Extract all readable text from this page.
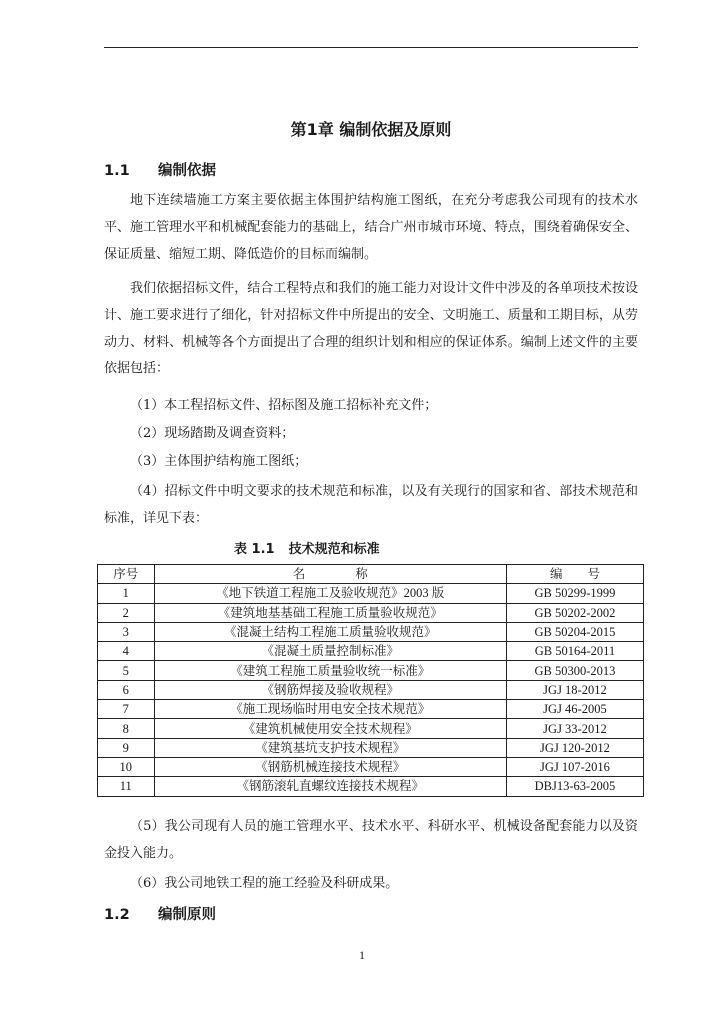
第1章 编制依据及原则
1.1 编制依据

地下连续墙施工方案主要依据主体围护结构施工图纸，在充分考虑我公司现有的技术水平、施工管理水平和机械配套能力的基础上，结合广州市城市环境、特点，围绕着确保安全、保证质量、缩短工期、降低造价的目标而编制。

我们依据招标文件，结合工程特点和我们的施工能力对设计文件中涉及的各单项技术按设计、施工要求进行了细化，针对招标文件中所提出的安全、文明施工、质量和工期目标，从劳动力、材料、机械等各个方面提出了合理的组织计划和相应的保证体系。编制上述文件的主要依据包括：

（1）本工程招标文件、招标图及施工招标补充文件；

（2）现场踏勘及调查资料；

（3）主体围护结构施工图纸；

（4）招标文件中明文要求的技术规范和标准，以及有关现行的国家和省、部技术规范和标准，详见下表：

表 1.1 技术规范和标准
序号	名　　　　称	编　　号
1	《地下铁道工程施工及验收规范》2003 版	GB 50299-1999
2	《建筑地基基础工程施工质量验收规范》	GB 50202-2002
3	《混凝土结构工程施工质量验收规范》	GB 50204-2015
4	《混凝土质量控制标准》	GB 50164-2011
5	《建筑工程施工质量验收统一标准》	GB 50300-2013
6	《钢筋焊接及验收规程》	JGJ 18-2012
7	《施工现场临时用电安全技术规范》	JGJ 46-2005
8	《建筑机械使用安全技术规程》	JGJ 33-2012
9	《建筑基坑支护技术规程》	JGJ 120-2012
10	《钢筋机械连接技术规程》	JGJ 107-2016
11	《钢筋滚轧直螺纹连接技术规程》	DBJ13-63-2005

（5）我公司现有人员的施工管理水平、技术水平、科研水平、机械设备配套能力以及资金投入能力。

（6）我公司地铁工程的施工经验及科研成果。

1.2 编制原则
1
